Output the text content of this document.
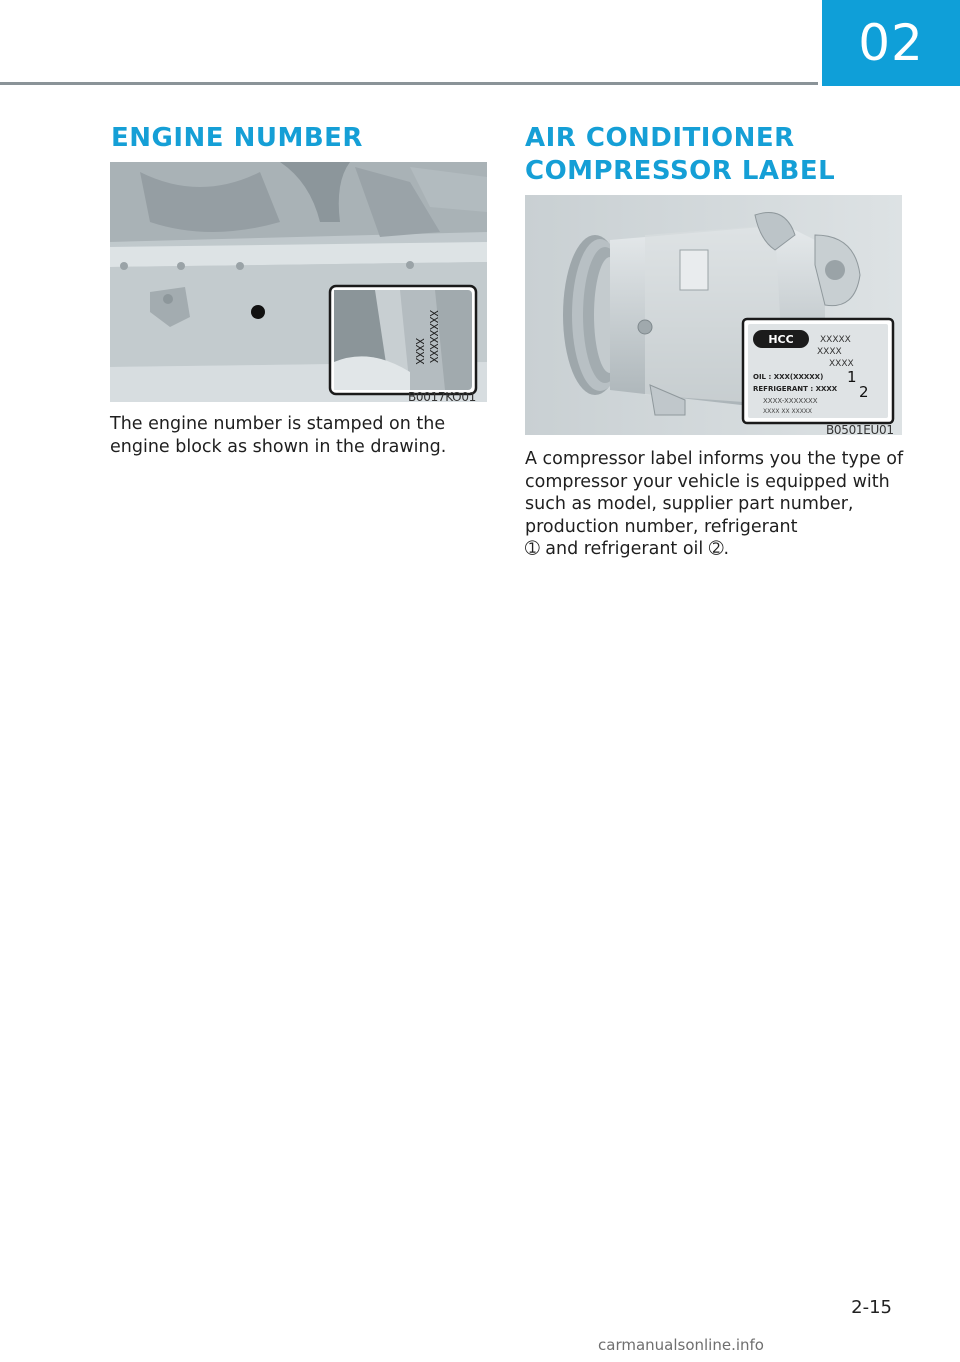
02
ENGINE NUMBER
XXXX XXXXXXXX
B0017KO01

The engine number is stamped on the engine block as shown in the drawing.

AIR CONDITIONER
COMPRESSOR LABEL
HCC	XXXXX
XXXX
XXXX
OIL : XXX(XXXXX) 1
REFRIGERANT : XXXX 2
XXXX-XXXXXXX
XXXX XX XXXXX
B0501EU01

A compressor label informs you the type of compressor your vehicle is equipped with such as model, supplier part number, production number, refrigerant
➀ and refrigerant oil ➁.

2-15
carmanualsonline.info
